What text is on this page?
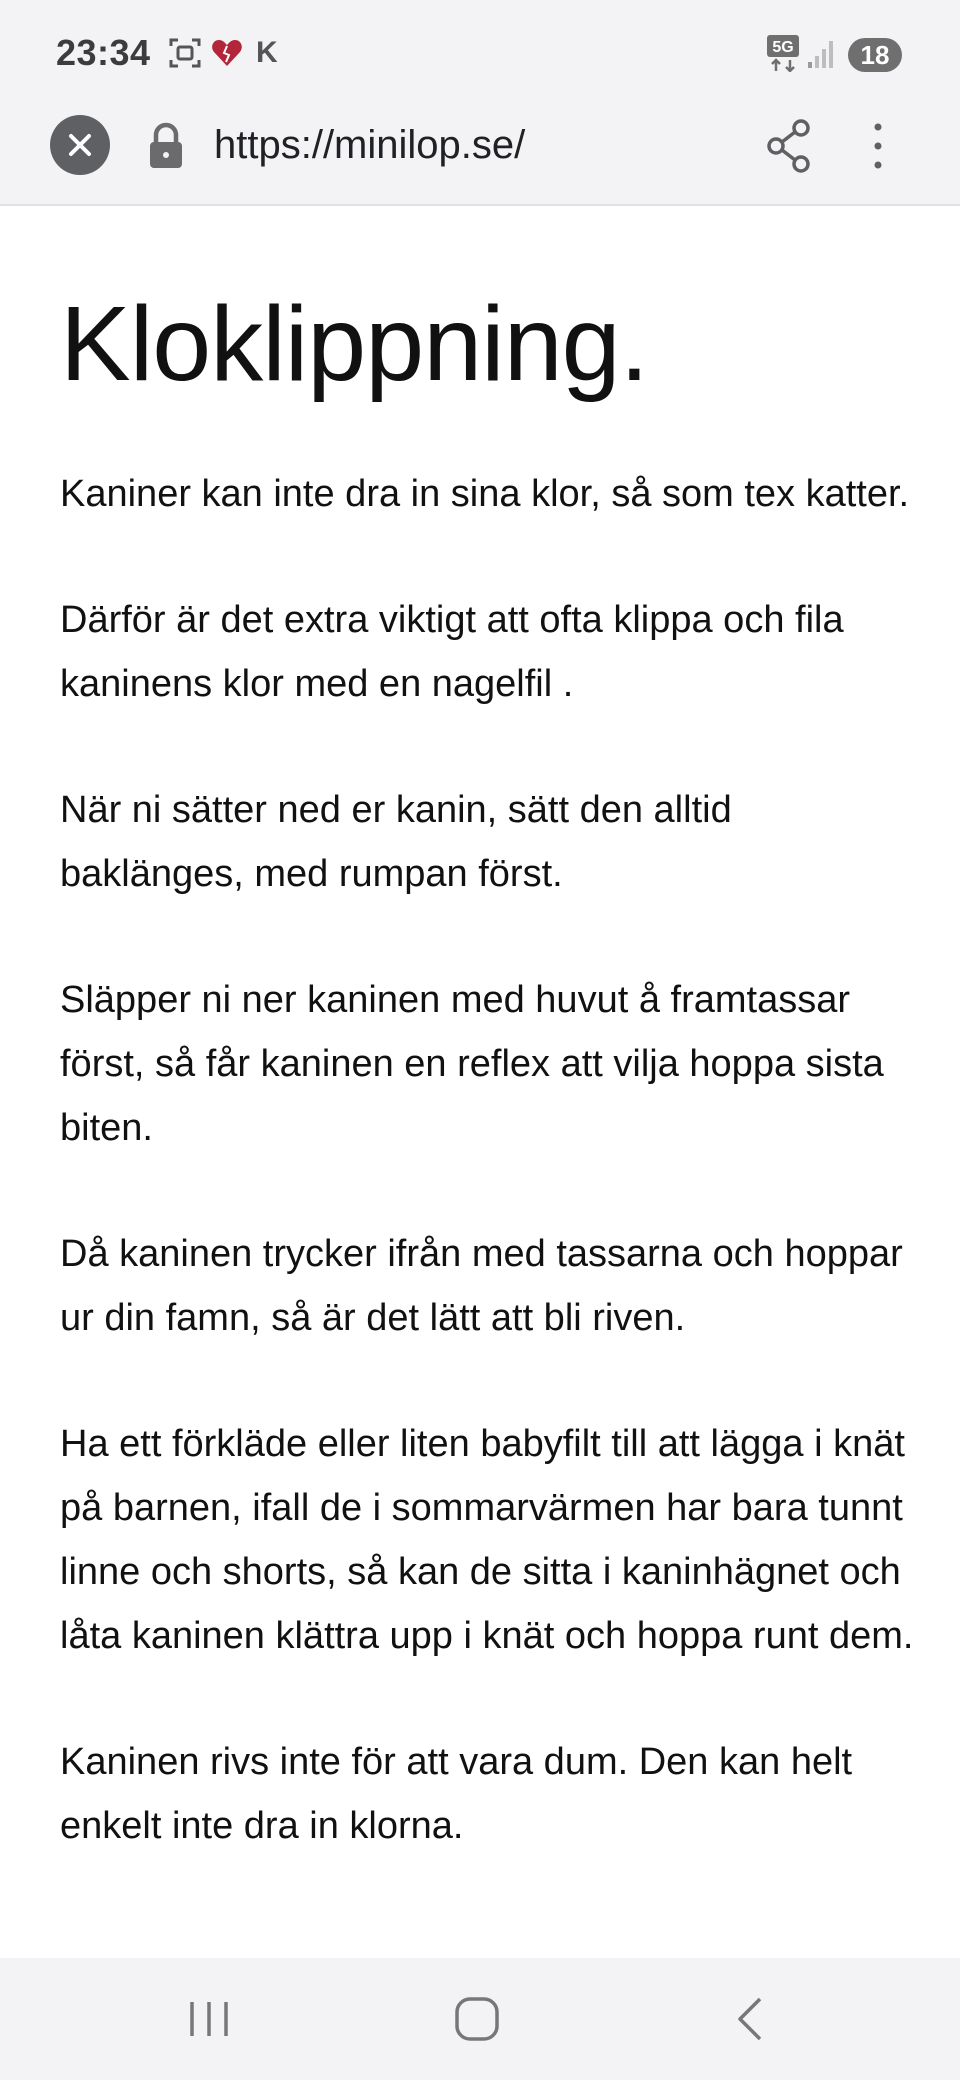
23:34	K	5G	18
https://minilop.se/
Kloklippning.

Kaniner kan inte dra in sina klor, så som tex katter.

Därför är det extra viktigt att ofta klippa och fila kaninens klor med en nagelfil .

När ni sätter ned er kanin, sätt den alltid baklänges, med rumpan först.

Släpper ni ner kaninen med huvut å framtassar först, så får kaninen en reflex att vilja hoppa sista biten.

Då kaninen trycker ifrån med tassarna och hoppar ur din famn, så är det lätt att bli riven.

Ha ett förkläde eller liten babyfilt till att lägga i knät på barnen, ifall de i sommarvärmen har bara tunnt linne och shorts, så kan de sitta i kaninhägnet och låta kaninen klättra upp i knät och hoppa runt dem.

Kaninen rivs inte för att vara dum. Den kan helt enkelt inte dra in klorna.
